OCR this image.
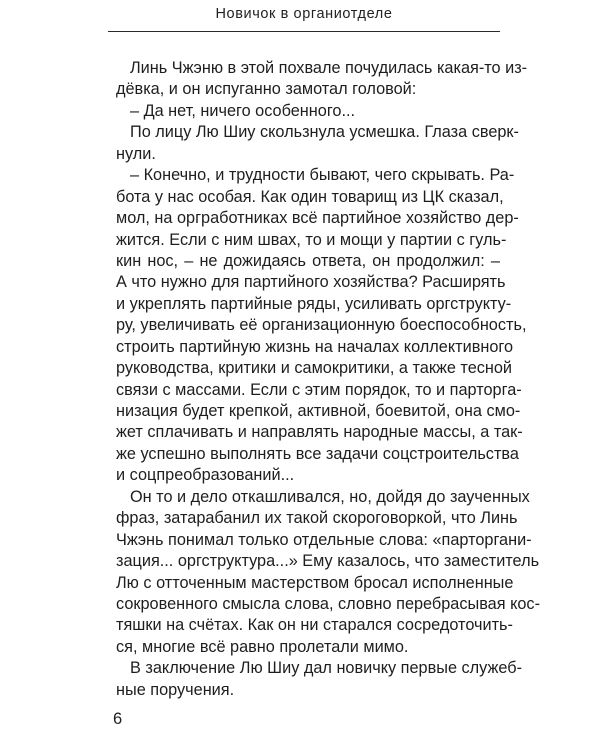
Новичок в органиотделе
Линь Чжэню в этой похвале почудилась какая-то из-
дёвка, и он испуганно замотал головой:
– Да нет, ничего особенного...
По лицу Лю Шиу скользнула усмешка. Глаза сверк-
нули.
– Конечно, и трудности бывают, чего скрывать. Ра-
бота у нас особая. Как один товарищ из ЦК сказал,
мол, на оргработниках всё партийное хозяйство дер-
жится. Если с ним швах, то и мощи у партии с гуль-
кин нос, – не дожидаясь ответа, он продолжил: –
А что нужно для партийного хозяйства? Расширять
и укреплять партийные ряды, усиливать оргструкту-
ру, увеличивать её организационную боеспособность,
строить партийную жизнь на началах коллективного
руководства, критики и самокритики, а также тесной
связи с массами. Если с этим порядок, то и парторга-
низация будет крепкой, активной, боевитой, она смо-
жет сплачивать и направлять народные массы, а так-
же успешно выполнять все задачи соцстроительства
и соцпреобразований...
Он то и дело откашливался, но, дойдя до заученных
фраз, затарабанил их такой скороговоркой, что Линь
Чжэнь понимал только отдельные слова: «парторгани-
зация... оргструктура...» Ему казалось, что заместитель
Лю с отточенным мастерством бросал исполненные
сокровенного смысла слова, словно перебрасывая кос-
тяшки на счётах. Как он ни старался сосредоточить-
ся, многие всё равно пролетали мимо.
В заключение Лю Шиу дал новичку первые служеб-
ные поручения.
6
